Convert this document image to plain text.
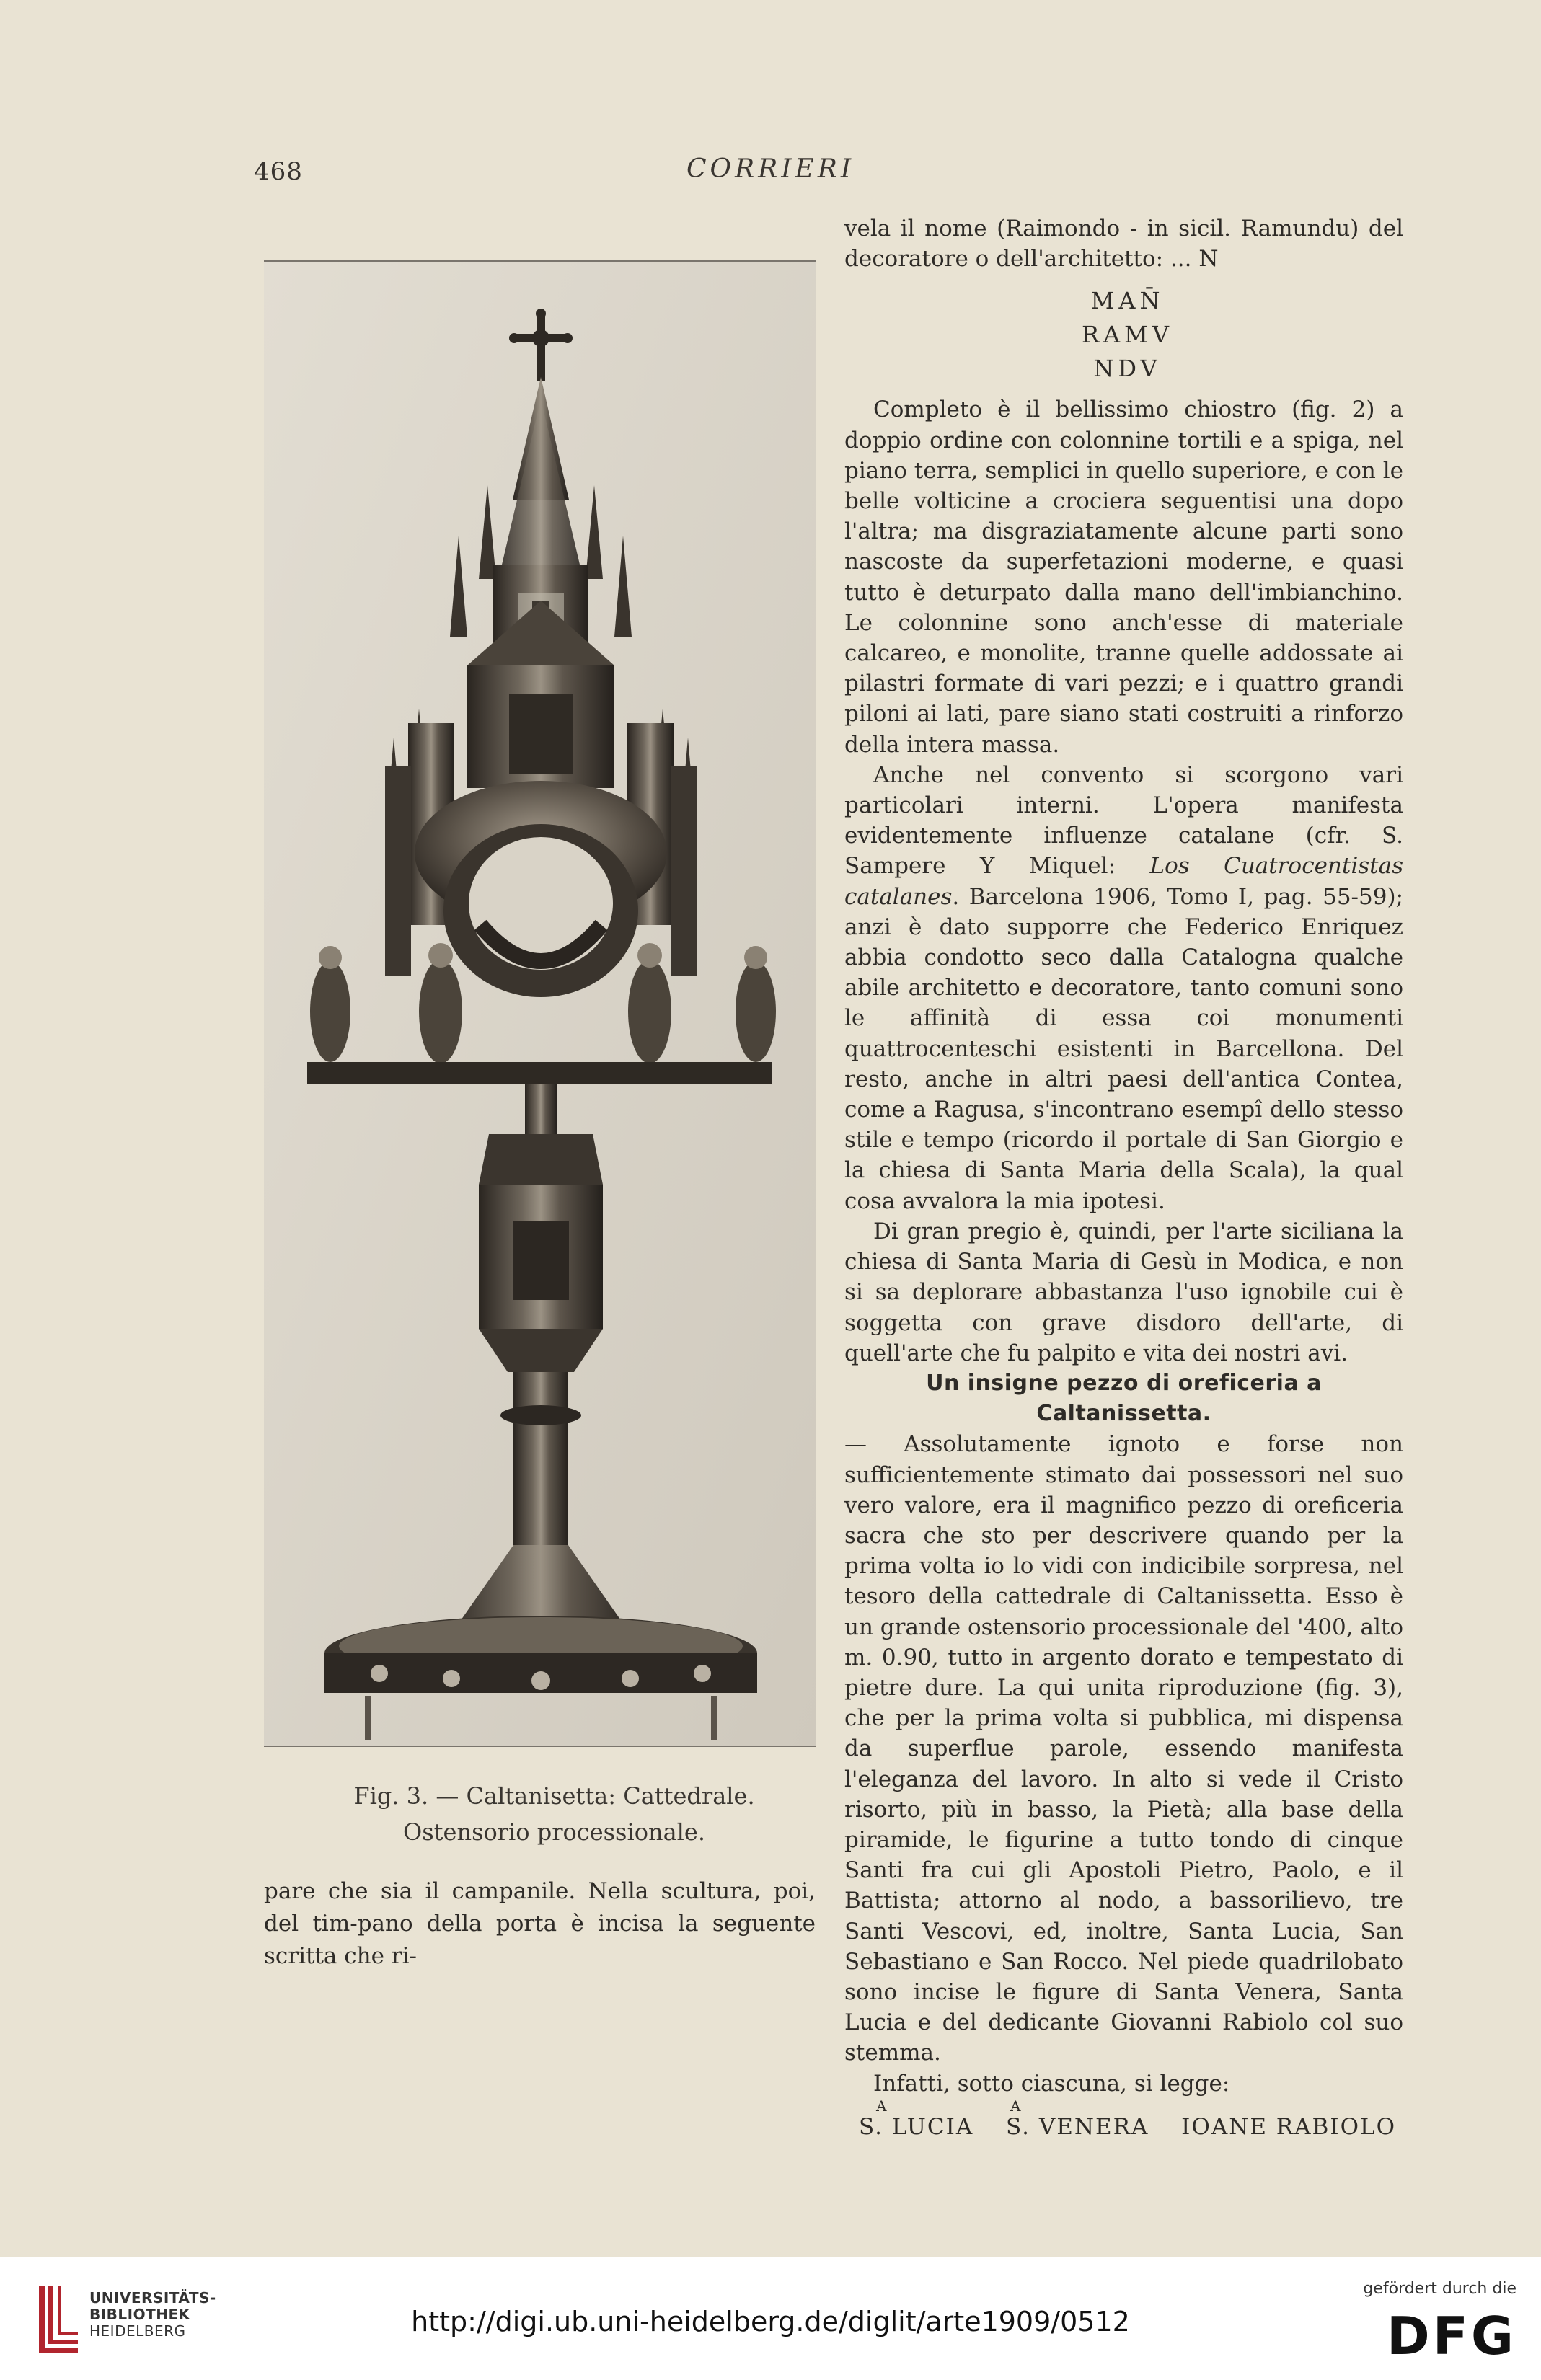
468	CORRIERI
Fig. 3. — Caltanisetta: Cattedrale.
Ostensorio processionale.
pare che sia il campanile. Nella scultura, poi, del tim-pano della porta è incisa la seguente scritta che ri-

vela il nome (Raimondo - in sicil. Ramundu) del decoratore o dell'architetto: ... N

MAN̄
RAMV
NDV

Completo è il bellissimo chiostro (fig. 2) a doppio ordine con colonnine tortili e a spiga, nel piano terra, semplici in quello superiore, e con le belle volticine a crociera seguentisi una dopo l'altra; ma disgraziatamente alcune parti sono nascoste da superfetazioni moderne, e quasi tutto è deturpato dalla mano dell'imbianchino. Le colonnine sono anch'esse di materiale calcareo, e monolite, tranne quelle addossate ai pilastri formate di vari pezzi; e i quattro grandi piloni ai lati, pare siano stati costruiti a rinforzo della intera massa.

Anche nel convento si scorgono vari particolari interni. L'opera manifesta evidentemente influenze catalane (cfr. S. Sampere Y Miquel: Los Cuatrocentistas catalanes. Barcelona 1906, Tomo I, pag. 55-59); anzi è dato supporre che Federico Enriquez abbia condotto seco dalla Catalogna qualche abile architetto e decoratore, tanto comuni sono le affinità di essa coi monumenti quattrocenteschi esistenti in Barcellona. Del resto, anche in altri paesi dell'antica Contea, come a Ragusa, s'incontrano esempî dello stesso stile e tempo (ricordo il portale di San Giorgio e la chiesa di Santa Maria della Scala), la qual cosa avvalora la mia ipotesi.

Di gran pregio è, quindi, per l'arte siciliana la chiesa di Santa Maria di Gesù in Modica, e non si sa deplorare abbastanza l'uso ignobile cui è soggetta con grave disdoro dell'arte, di quell'arte che fu palpito e vita dei nostri avi.

Un insigne pezzo di oreficeria a Caltanissetta.

— Assolutamente ignoto e forse non sufficientemente stimato dai possessori nel suo vero valore, era il magnifico pezzo di oreficeria sacra che sto per descrivere quando per la prima volta io lo vidi con indicibile sorpresa, nel tesoro della cattedrale di Caltanissetta. Esso è un grande ostensorio processionale del '400, alto m. 0.90, tutto in argento dorato e tempestato di pietre dure. La qui unita riproduzione (fig. 3), che per la prima volta si pubblica, mi dispensa da superflue parole, essendo manifesta l'eleganza del lavoro. In alto si vede il Cristo risorto, più in basso, la Pietà; alla base della piramide, le figurine a tutto tondo di cinque Santi fra cui gli Apostoli Pietro, Paolo, e il Battista; attorno al nodo, a bassorilievo, tre Santi Vescovi, ed, inoltre, Santa Lucia, San Sebastiano e San Rocco. Nel piede quadrilobato sono incise le figure di Santa Venera, Santa Lucia e del dedicante Giovanni Rabiolo col suo stemma.

Infatti, sotto ciascuna, si legge:

A	A
S. LUCIA S. VENERA IOANE RABIOLO
UNIVERSITÄTS-
BIBLIOTHEK
HEIDELBERG	http://digi.ub.uni-heidelberg.de/diglit/arte1909/0512
gefördert durch die
DFG
